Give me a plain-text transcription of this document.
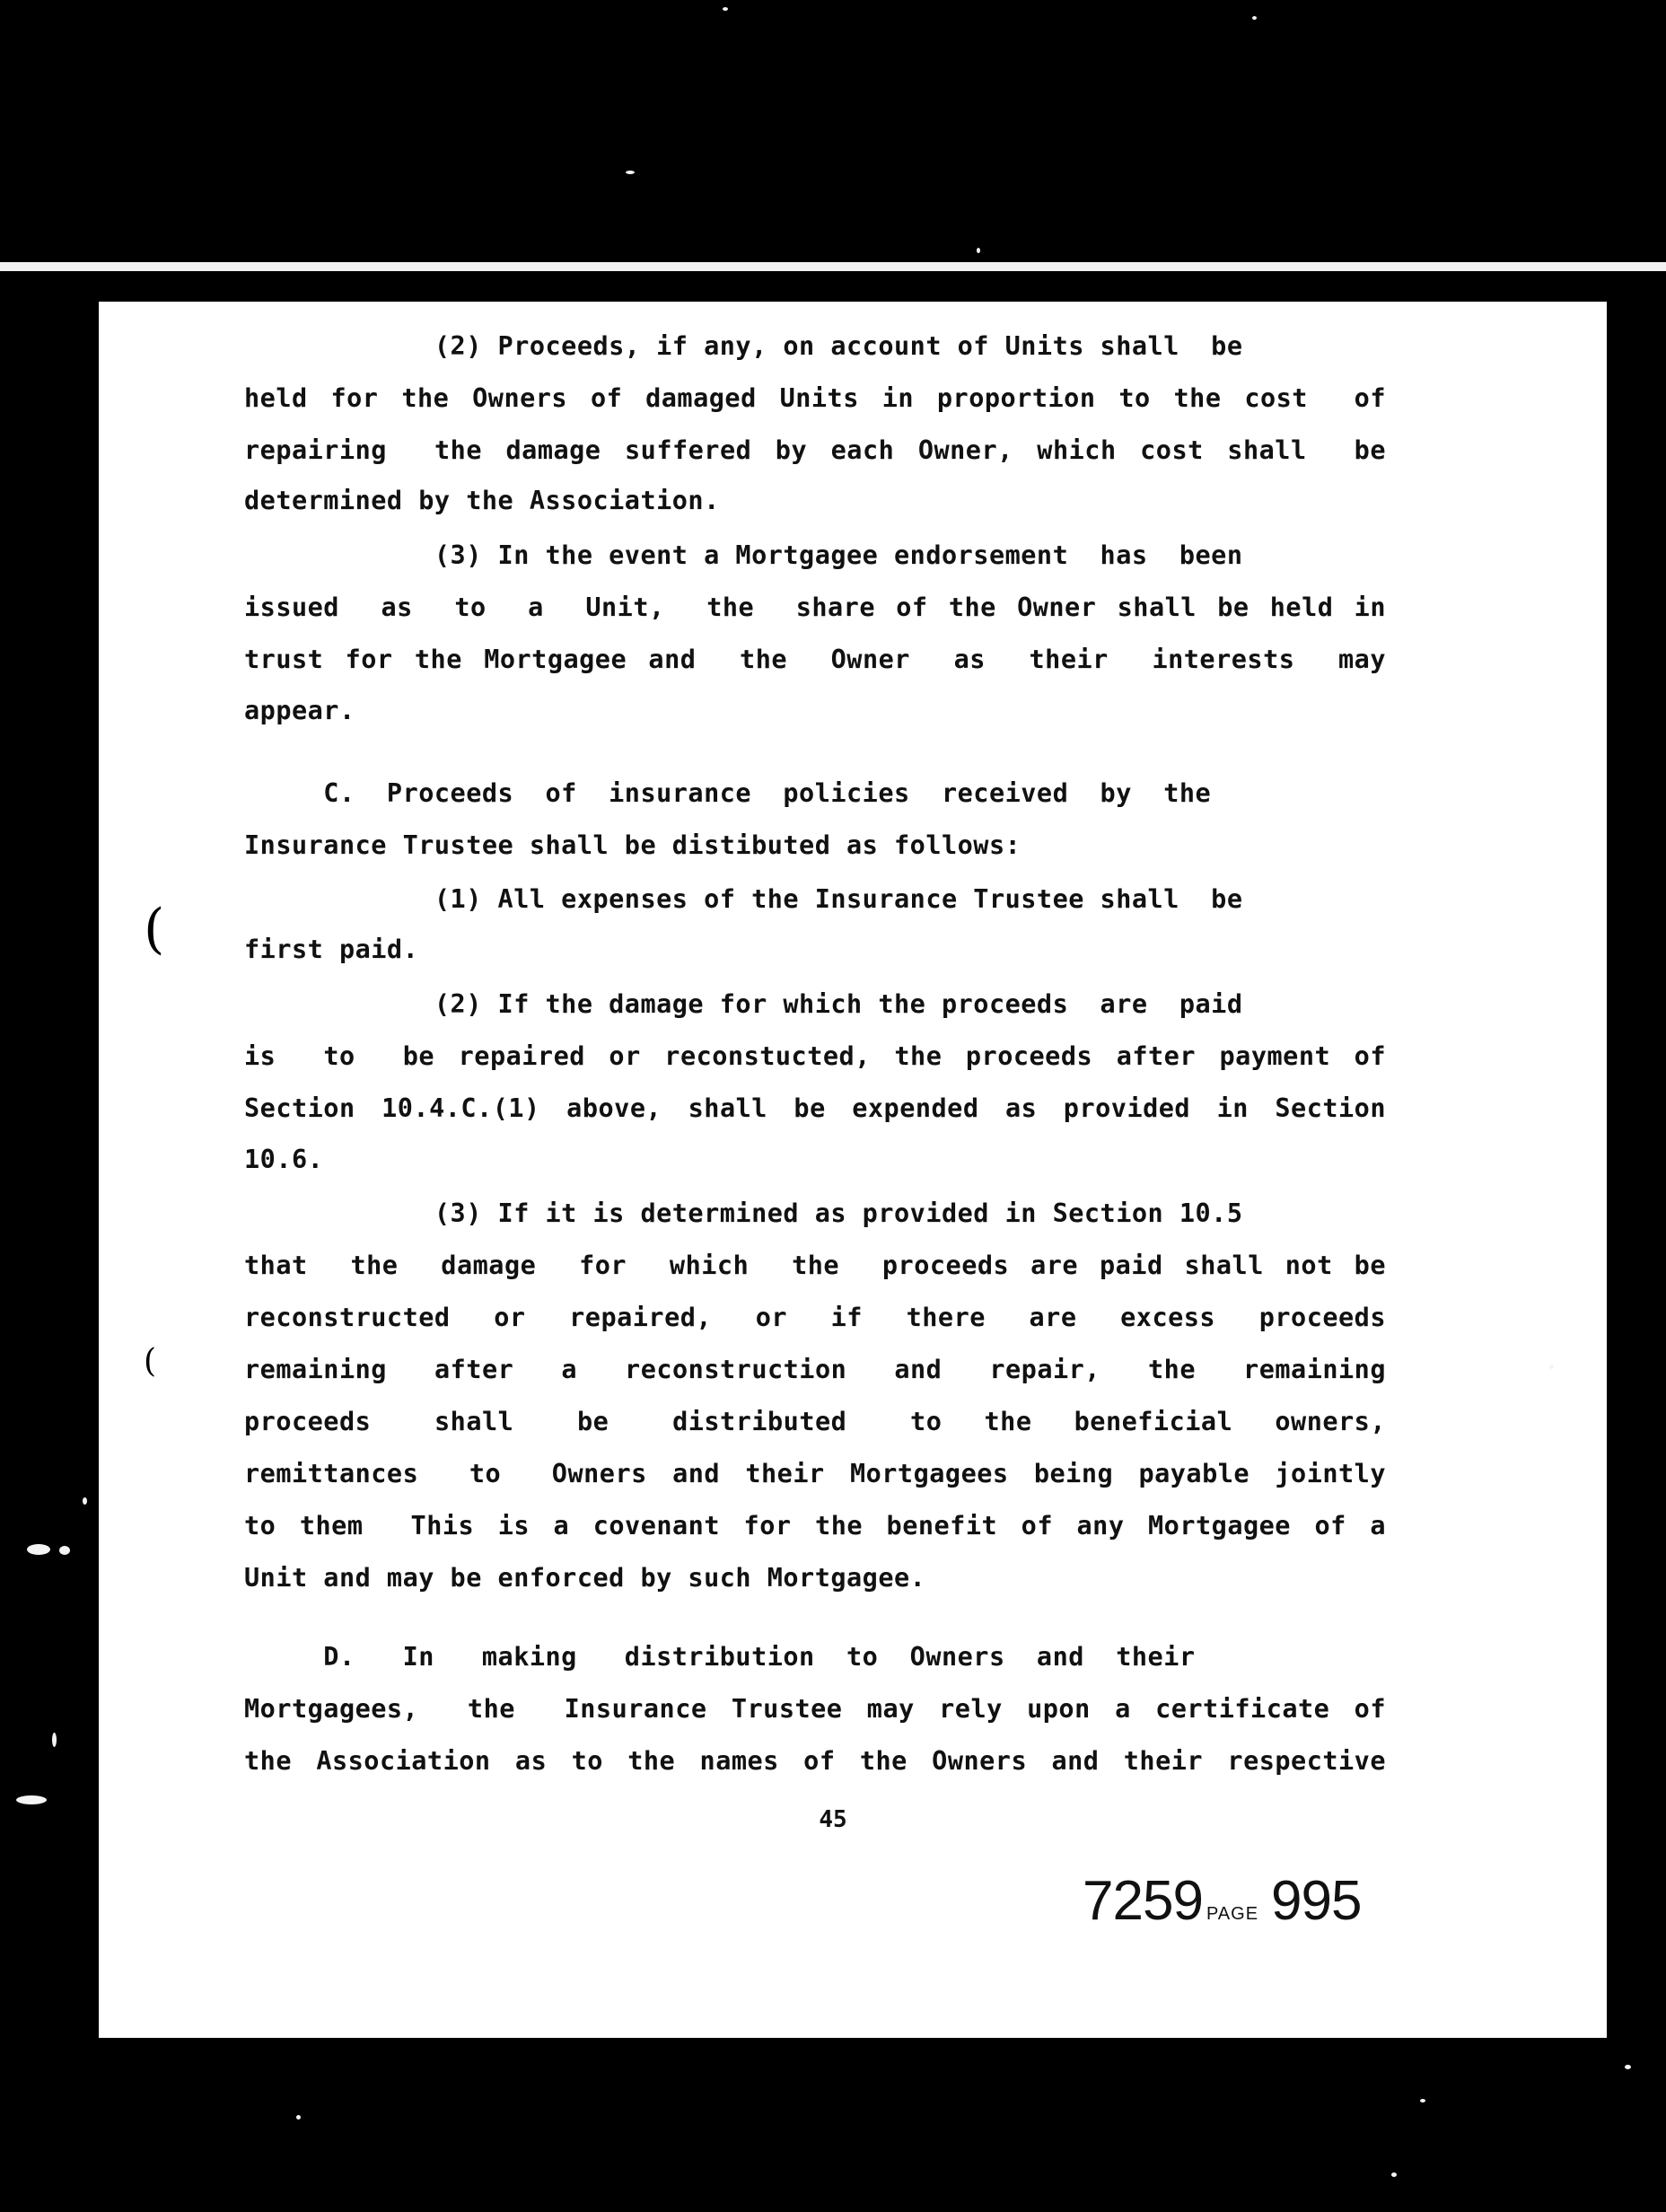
(2) Proceeds, if any, on account of Units shall  be

held for the Owners of damaged Units in proportion to the cost  of

repairing  the damage suffered by each Owner, which cost shall  be

determined by the Association.

(3) In the event a Mortgagee endorsement  has  been

issued  as  to  a  Unit,  the  share of the Owner shall be held in

trust for the Mortgagee and  the  Owner  as  their  interests  may

appear.

C.  Proceeds  of  insurance  policies  received  by  the

Insurance Trustee shall be distibuted as follows:

(1) All expenses of the Insurance Trustee shall  be

first paid.

(2) If the damage for which the proceeds  are  paid

is  to  be repaired or reconstucted, the proceeds after payment of

Section 10.4.C.(1) above, shall be expended as provided in Section

10.6.

(3) If it is determined as provided in Section 10.5

that  the  damage  for  which  the  proceeds are paid shall not be

reconstructed  or  repaired,  or  if  there  are  excess  proceeds

remaining  after  a  reconstruction  and  repair,  the  remaining

proceeds   shall   be   distributed   to  the  beneficial  owners,

remittances  to  Owners and their Mortgagees being payable jointly

to them  This is a covenant for the benefit of any Mortgagee of a

Unit and may be enforced by such Mortgagee.

D.   In   making   distribution  to  Owners  and  their

Mortgagees,  the  Insurance Trustee may rely upon a certificate of

the Association as to the names of the Owners and their respective

45
7259 PAGE 995
(
(
